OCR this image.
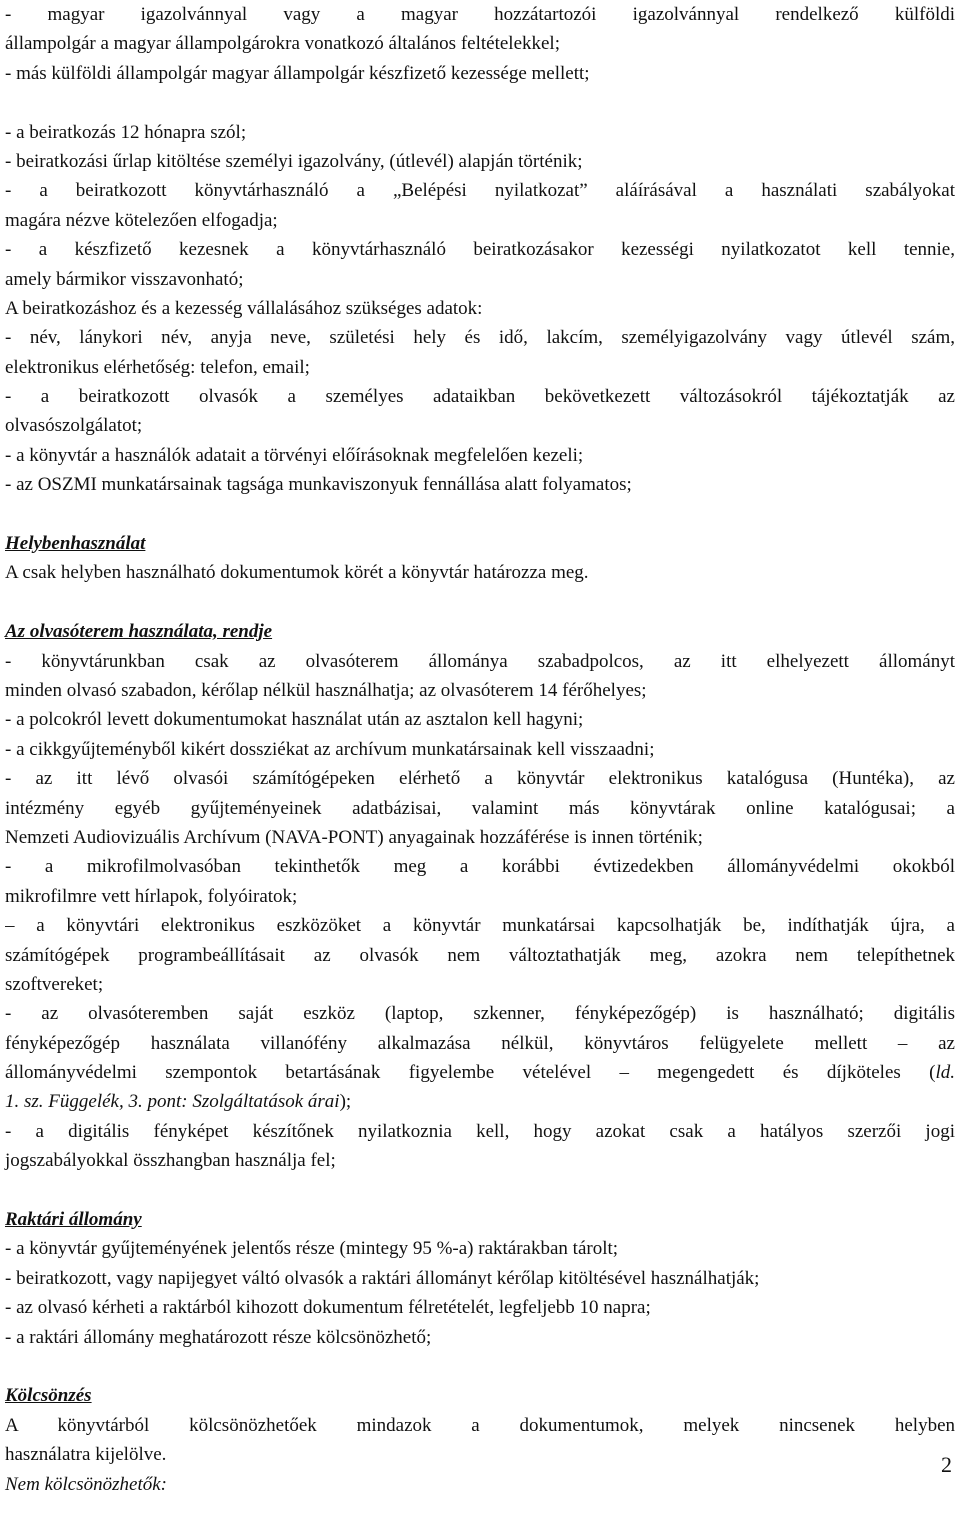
- magyar igazolvánnyal vagy a magyar hozzátartozói igazolvánnyal rendelkező külföldi

állampolgár a magyar állampolgárokra vonatkozó általános feltételekkel;

- más külföldi állampolgár magyar állampolgár készfizető kezessége mellett;

- a beiratkozás 12 hónapra szól;

- beiratkozási űrlap kitöltése személyi igazolvány, (útlevél) alapján történik;

- a beiratkozott könyvtárhasználó a „Belépési nyilatkozat” aláírásával a használati szabályokat

magára nézve kötelezően elfogadja;

- a készfizető kezesnek a könyvtárhasználó beiratkozásakor kezességi nyilatkozatot kell tennie,

amely bármikor visszavonható;

A beiratkozáshoz és a kezesség vállalásához szükséges adatok:

- név, lánykori név, anyja neve, születési hely és idő, lakcím, személyigazolvány vagy útlevél szám,

elektronikus elérhetőség: telefon, email;

- a beiratkozott olvasók a személyes adataikban bekövetkezett változásokról tájékoztatják az

olvasószolgálatot;

- a könyvtár a használók adatait a törvényi előírásoknak megfelelően kezeli;

- az OSZMI munkatársainak tagsága munkaviszonyuk fennállása alatt folyamatos;

Helybenhasználat

A csak helyben használható dokumentumok körét a könyvtár határozza meg.

Az olvasóterem használata, rendje

- könyvtárunkban csak az olvasóterem állománya szabadpolcos, az itt elhelyezett állományt

minden olvasó szabadon, kérőlap nélkül használhatja; az olvasóterem 14 férőhelyes;

- a polcokról levett dokumentumokat használat után az asztalon kell hagyni;

- a cikkgyűjteményből kikért dossziékat az archívum munkatársainak kell visszaadni;

- az itt lévő olvasói számítógépeken elérhető a könyvtár elektronikus katalógusa (Huntéka), az

intézmény egyéb gyűjteményeinek adatbázisai, valamint más könyvtárak online katalógusai; a

Nemzeti Audiovizuális Archívum (NAVA-PONT) anyagainak hozzáférése is innen történik;

- a mikrofilmolvasóban tekinthetők meg a korábbi évtizedekben állományvédelmi okokból

mikrofilmre vett hírlapok, folyóiratok;

– a könyvtári elektronikus eszközöket a könyvtár munkatársai kapcsolhatják be, indíthatják újra, a

számítógépek programbeállításait az olvasók nem változtathatják meg, azokra nem telepíthetnek

szoftvereket;

- az olvasóteremben saját eszköz (laptop, szkenner, fényképezőgép) is használható; digitális

fényképezőgép használata villanófény alkalmazása nélkül, könyvtáros felügyelete mellett – az

állományvédelmi szempontok betartásának figyelembe vételével – megengedett és díjköteles (ld.

1. sz. Függelék, 3. pont: Szolgáltatások árai);

- a digitális fényképet készítőnek nyilatkoznia kell, hogy azokat csak a hatályos szerzői jogi

jogszabályokkal összhangban használja fel;

Raktári állomány

- a könyvtár gyűjteményének jelentős része (mintegy 95 %-a) raktárakban tárolt;

- beiratkozott, vagy napijegyet váltó olvasók a raktári állományt kérőlap kitöltésével használhatják;

- az olvasó kérheti a raktárból kihozott dokumentum félretételét, legfeljebb 10 napra;

- a raktári állomány meghatározott része kölcsönözhető;

Kölcsönzés

A könyvtárból kölcsönözhetőek mindazok a dokumentumok, melyek nincsenek helyben

használatra kijelölve.

Nem kölcsönözhetők:

2
